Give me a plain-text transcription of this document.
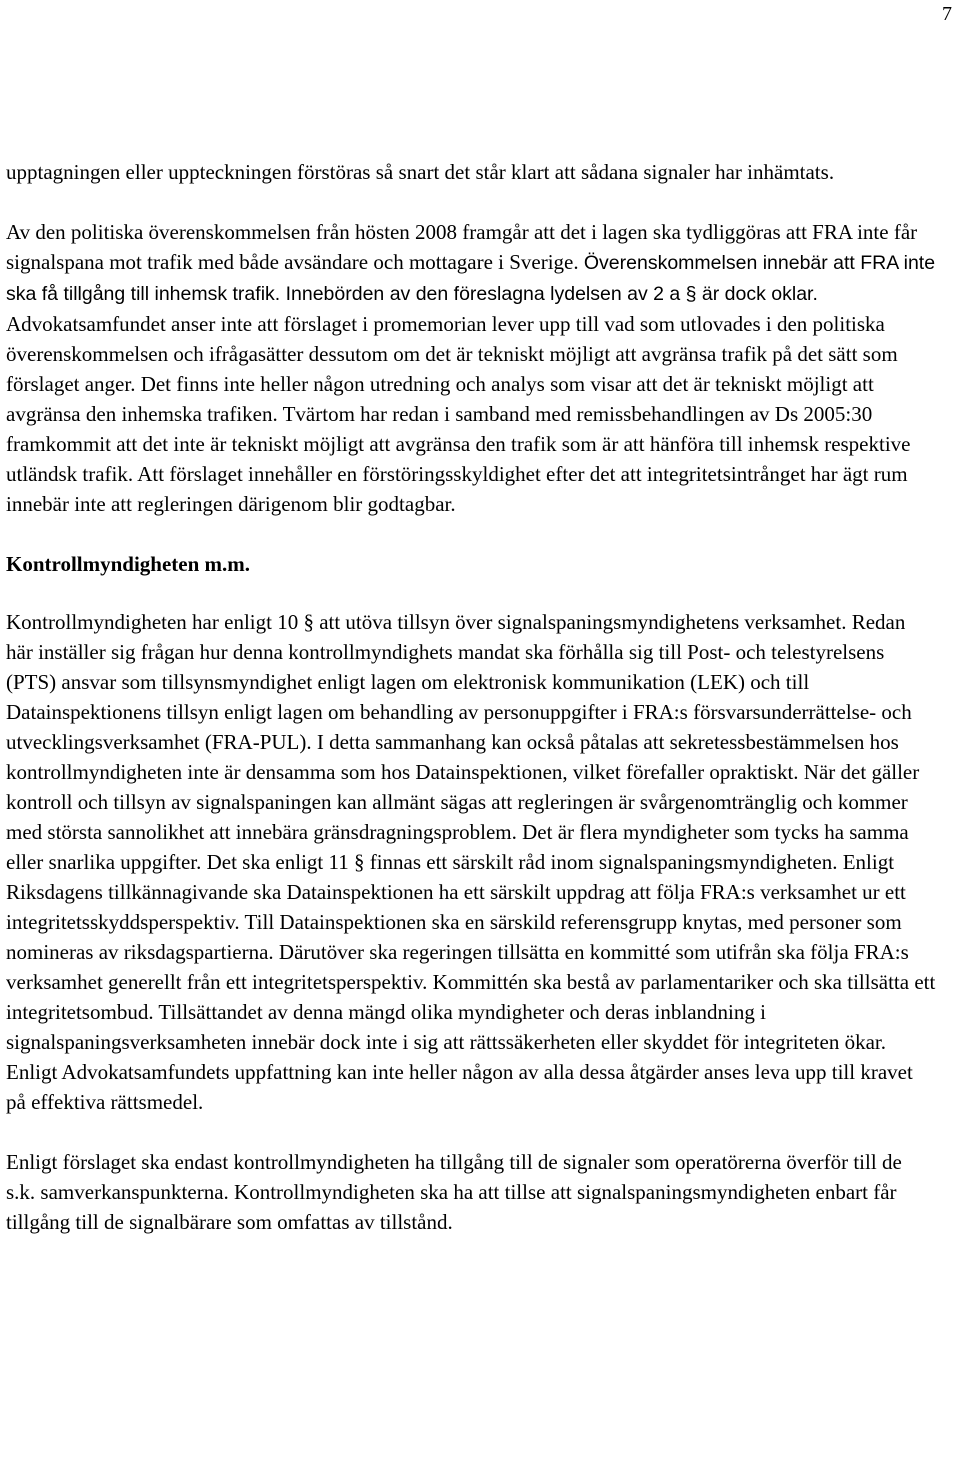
7

upptagningen eller uppteckningen förstöras så snart det står klart att sådana signaler har inhämtats.

Av den politiska överenskommelsen från hösten 2008 framgår att det i lagen ska tydliggöras att FRA inte får signalspana mot trafik med både avsändare och mottagare i Sverige. Överenskommelsen innebär att FRA inte ska få tillgång till inhemsk trafik. Innebörden av den föreslagna lydelsen av 2 a § är dock oklar. Advokatsamfundet anser inte att förslaget i promemorian lever upp till vad som utlovades i den politiska överenskommelsen och ifrågasätter dessutom om det är tekniskt möjligt att avgränsa trafik på det sätt som förslaget anger. Det finns inte heller någon utredning och analys som visar att det är tekniskt möjligt att avgränsa den inhemska trafiken. Tvärtom har redan i samband med remissbehandlingen av Ds 2005:30 framkommit att det inte är tekniskt möjligt att avgränsa den trafik som är att hänföra till inhemsk respektive utländsk trafik. Att förslaget innehåller en förstöringsskyldighet efter det att integritetsintrånget har ägt rum innebär inte att regleringen därigenom blir godtagbar.

Kontrollmyndigheten m.m.

Kontrollmyndigheten har enligt 10 § att utöva tillsyn över signalspaningsmyndighetens verksamhet. Redan här inställer sig frågan hur denna kontrollmyndighets mandat ska förhålla sig till Post- och telestyrelsens (PTS) ansvar som tillsynsmyndighet enligt lagen om elektronisk kommunikation (LEK) och till Datainspektionens tillsyn enligt lagen om behandling av personuppgifter i FRA:s försvarsunderrättelse- och utvecklingsverksamhet (FRA-PUL). I detta sammanhang kan också påtalas att sekretessbestämmelsen hos kontrollmyndigheten inte är densamma som hos Datainspektionen, vilket förefaller opraktiskt. När det gäller kontroll och tillsyn av signalspaningen kan allmänt sägas att regleringen är svårgenomtränglig och kommer med största sannolikhet att innebära gränsdragningsproblem. Det är flera myndigheter som tycks ha samma eller snarlika uppgifter. Det ska enligt 11 § finnas ett särskilt råd inom signalspaningsmyndigheten. Enligt Riksdagens tillkännagivande ska Datainspektionen ha ett särskilt uppdrag att följa FRA:s verksamhet ur ett integritetsskyddsperspektiv. Till Datainspektionen ska en särskild referensgrupp knytas, med personer som nomineras av riksdagspartierna. Därutöver ska regeringen tillsätta en kommitté som utifrån ska följa FRA:s verksamhet generellt från ett integritetsperspektiv. Kommittén ska bestå av parlamentariker och ska tillsätta ett integritetsombud. Tillsättandet av denna mängd olika myndigheter och deras inblandning i signalspaningsverksamheten innebär dock inte i sig att rättssäkerheten eller skyddet för integriteten ökar. Enligt Advokatsamfundets uppfattning kan inte heller någon av alla dessa åtgärder anses leva upp till kravet på effektiva rättsmedel.

Enligt förslaget ska endast kontrollmyndigheten ha tillgång till de signaler som operatörerna överför till de s.k. samverkanspunkterna. Kontrollmyndigheten ska ha att tillse att signalspaningsmyndigheten enbart får tillgång till de signalbärare som omfattas av tillstånd.
